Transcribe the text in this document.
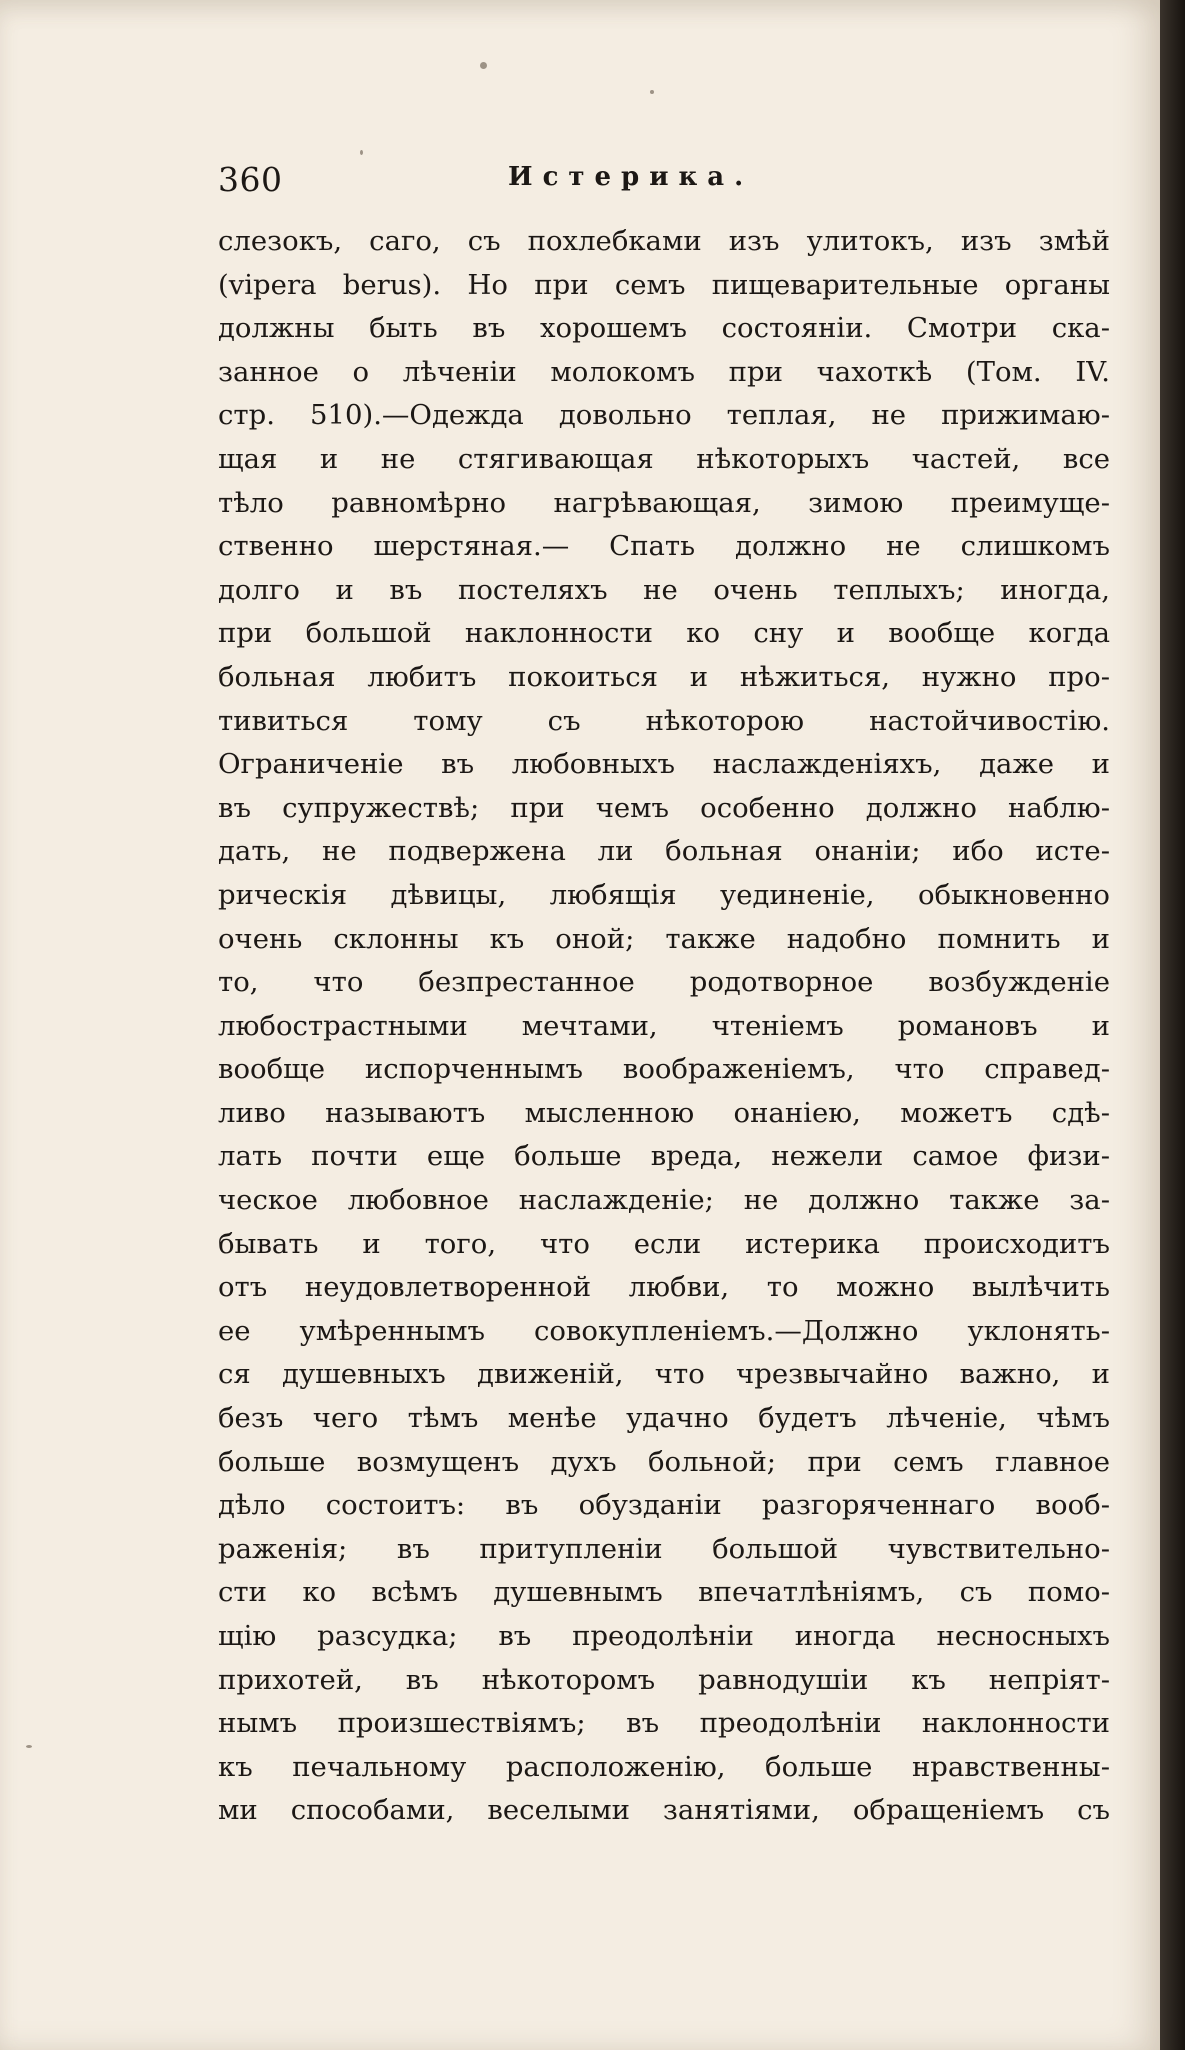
360	Истерика.
слезокъ, саго, съ похлебками изъ улитокъ, изъ змѣй
(vipera berus). Но при семъ пищеварительные органы
должны быть въ хорошемъ состоянiи. Смотри ска-
занное о лѣченiи молокомъ при чахоткѣ (Том. IV.
стр. 510).—Одежда довольно теплая, не прижимаю-
щая и не стягивающая нѣкоторыхъ частей, все
тѣло равномѣрно нагрѣвающая, зимою преимуще-
ственно шерстяная.— Спать должно не слишкомъ
долго и въ постеляхъ не очень теплыхъ; иногда,
при большой наклонности ко сну и вообще когда
больная любитъ покоиться и нѣжиться, нужно про-
тивиться тому съ нѣкоторою настойчивостiю.
Ограниченiе въ любовныхъ наслажденiяхъ, даже и
въ супружествѣ; при чемъ особенно должно наблю-
дать, не подвержена ли больная онанiи; ибо исте-
рическiя дѣвицы, любящiя уединенiе, обыкновенно
очень склонны къ оной; также надобно помнить и
то, что безпрестанное родотворное возбужденiе
любострастными мечтами, чтенiемъ романовъ и
вообще испорченнымъ воображенiемъ, что справед-
ливо называютъ мысленною онанiею, можетъ сдѣ-
лать почти еще больше вреда, нежели самое физи-
ческое любовное наслажденiе; не должно также за-
бывать и того, что если истерика происходитъ
отъ неудовлетворенной любви, то можно вылѣчить
ее умѣреннымъ совокупленiемъ.—Должно уклонять-
ся душевныхъ движенiй, что чрезвычайно важно, и
безъ чего тѣмъ менѣе удачно будетъ лѣченiе, чѣмъ
больше возмущенъ духъ больной; при семъ главное
дѣло состоитъ: въ обузданiи разгоряченнаго вооб-
раженiя; въ притупленiи большой чувствительно-
сти ко всѣмъ душевнымъ впечатлѣнiямъ, съ помо-
щiю разсудка; въ преодолѣнiи иногда несносныхъ
прихотей, въ нѣкоторомъ равнодушiи къ непрiят-
нымъ произшествiямъ; въ преодолѣнiи наклонности
къ печальному расположенiю, больше нравственны-
ми способами, веселыми занятiями, обращенiемъ съ
